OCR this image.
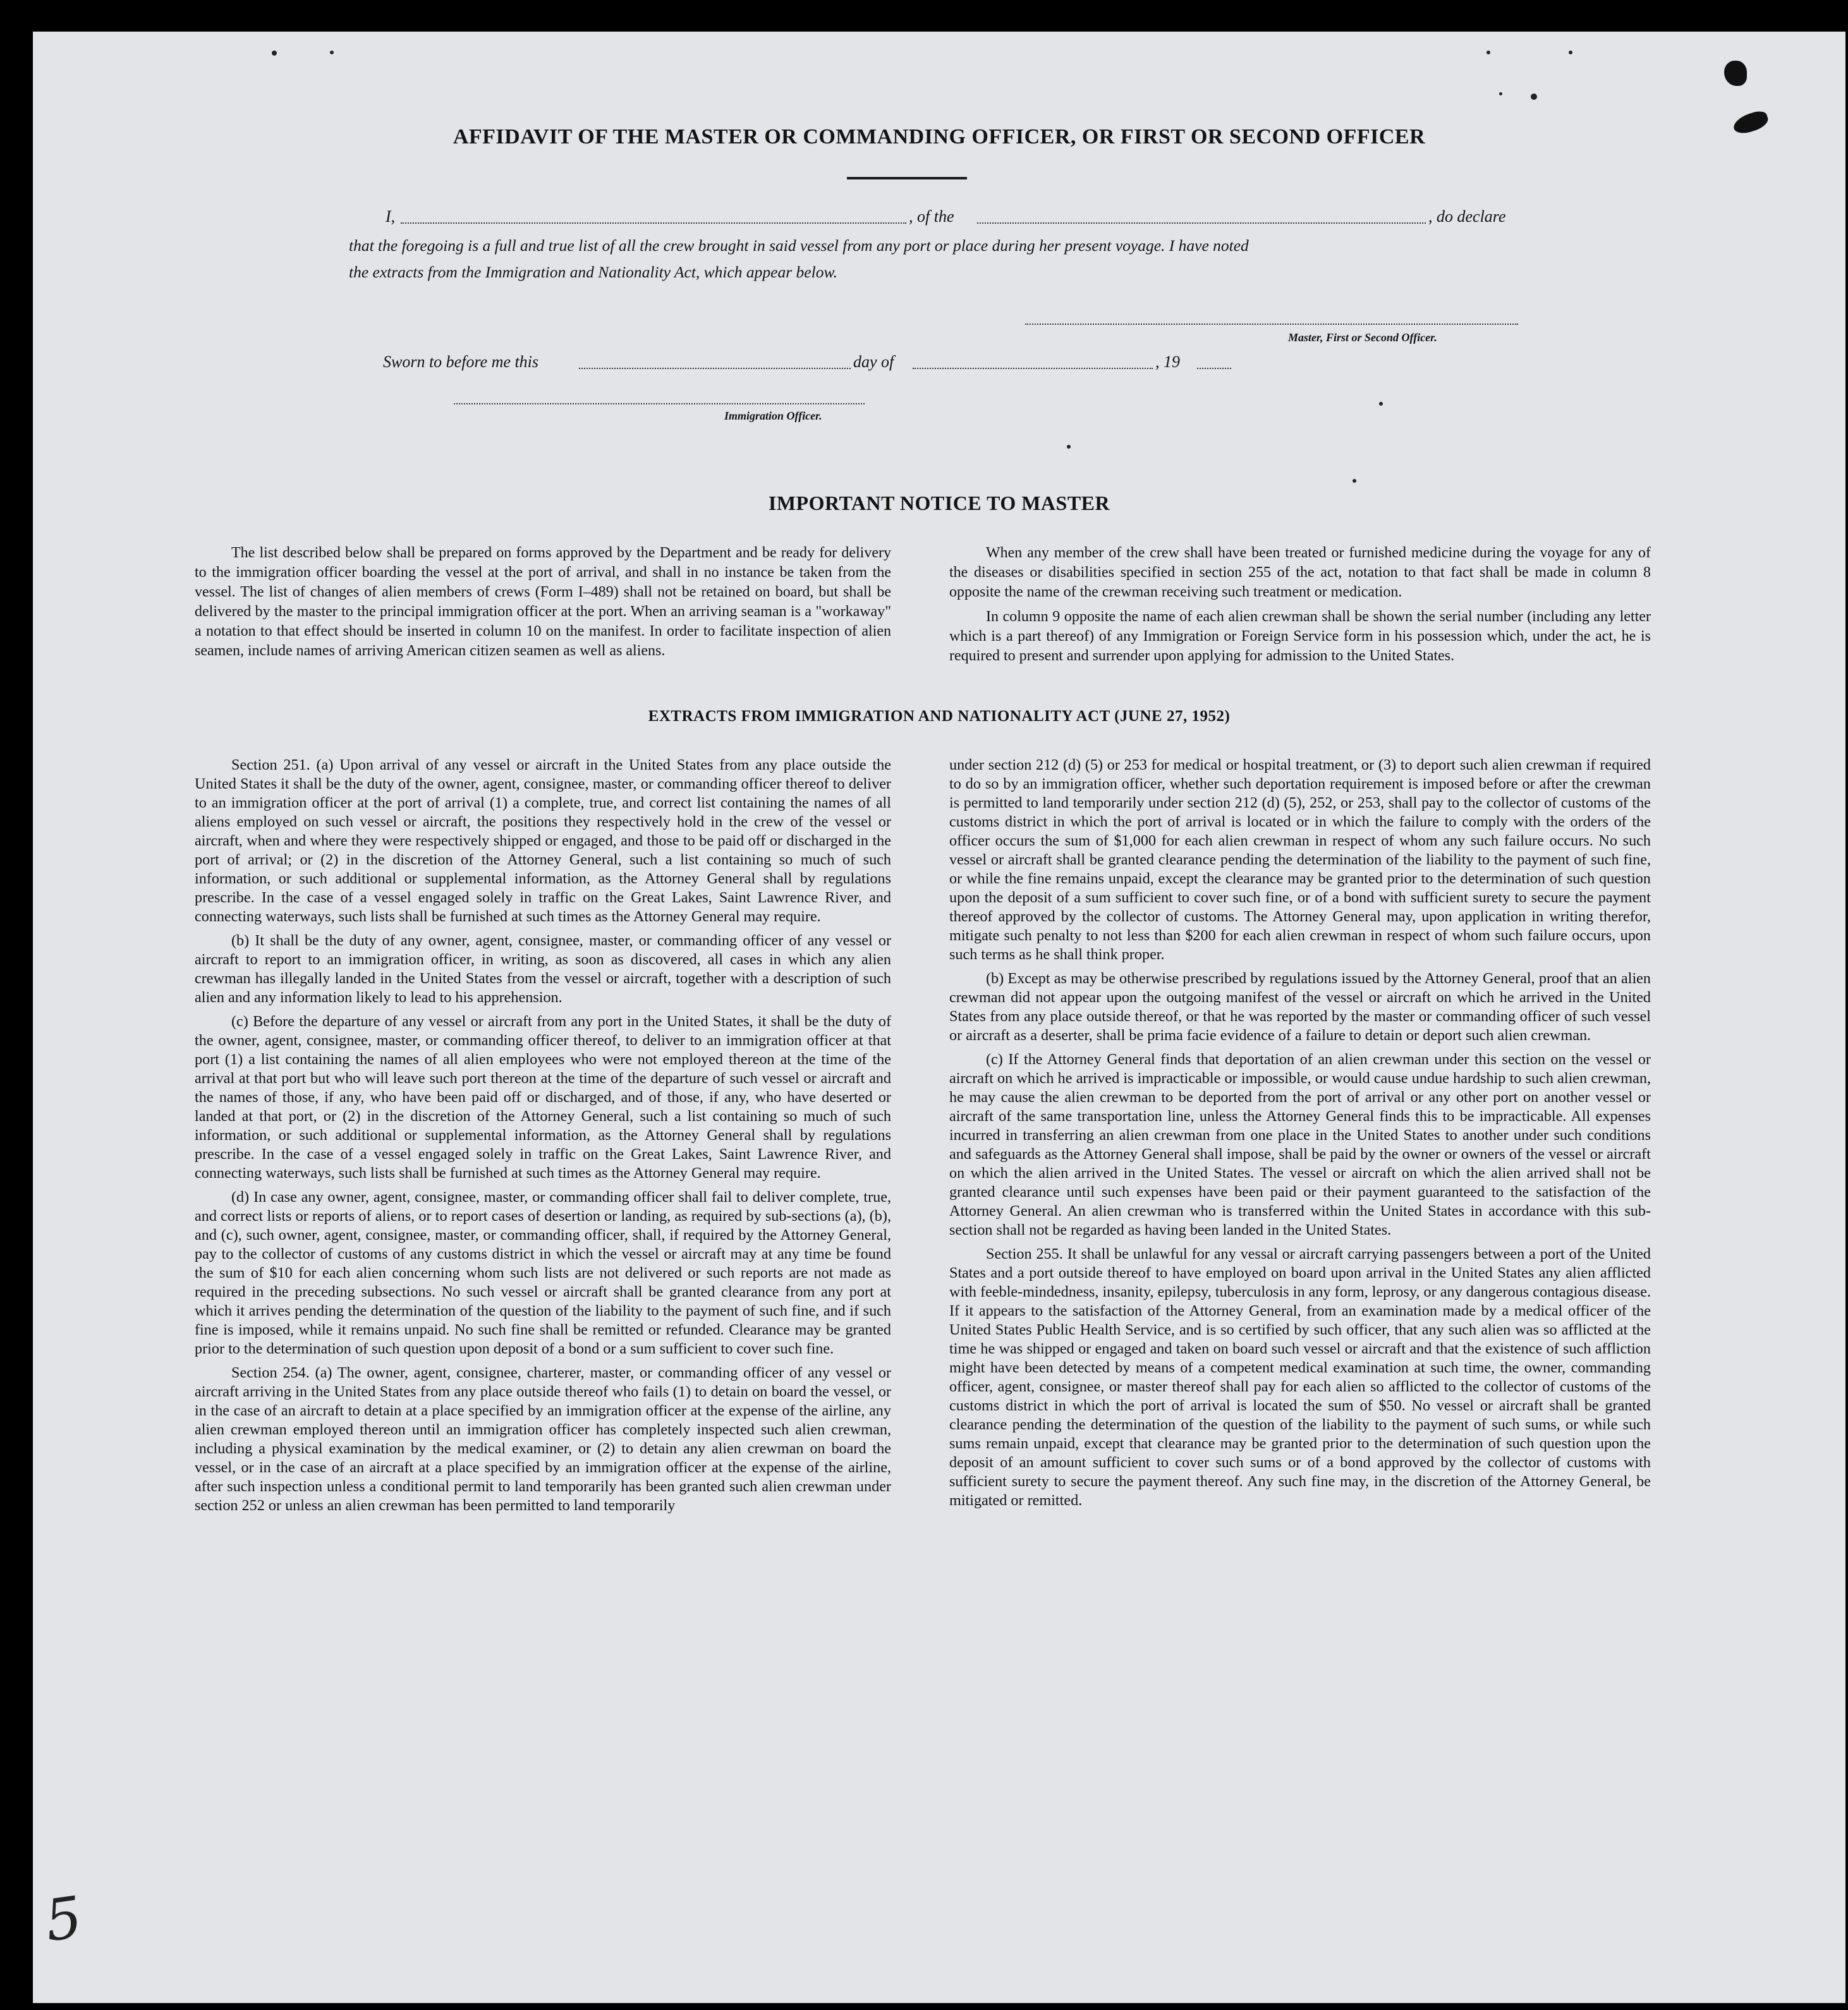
AFFIDAVIT OF THE MASTER OR COMMANDING OFFICER, OR FIRST OR SECOND OFFICER
I,	, of the	, do declare
that the foregoing is a full and true list of all the crew brought in said vessel from any port or place during her present voyage. I have noted
the extracts from the Immigration and Nationality Act, which appear below.
Master, First or Second Officer.
Sworn to before me this	day of	, 19
Immigration Officer.
IMPORTANT NOTICE TO MASTER

The list described below shall be prepared on forms approved by the Department and be ready for delivery to the immigration officer boarding the vessel at the port of arrival, and shall in no instance be taken from the vessel. The list of changes of alien members of crews (Form I–489) shall not be retained on board, but shall be delivered by the master to the principal immigration officer at the port. When an arriving seaman is a "workaway" a notation to that effect should be inserted in column 10 on the manifest. In order to facilitate inspection of alien seamen, include names of arriving American citizen seamen as well as aliens.

When any member of the crew shall have been treated or furnished medicine during the voyage for any of the diseases or disabilities specified in section 255 of the act, notation to that fact shall be made in column 8 opposite the name of the crewman receiving such treatment or medication.

In column 9 opposite the name of each alien crewman shall be shown the serial number (including any letter which is a part thereof) of any Immigration or Foreign Service form in his possession which, under the act, he is required to present and surrender upon applying for admission to the United States.

EXTRACTS FROM IMMIGRATION AND NATIONALITY ACT (JUNE 27, 1952)

Section 251. (a) Upon arrival of any vessel or aircraft in the United States from any place outside the United States it shall be the duty of the owner, agent, consignee, master, or commanding officer thereof to deliver to an immigration officer at the port of arrival (1) a complete, true, and correct list containing the names of all aliens employed on such vessel or aircraft, the positions they respectively hold in the crew of the vessel or aircraft, when and where they were respectively shipped or engaged, and those to be paid off or discharged in the port of arrival; or (2) in the discretion of the Attorney General, such a list containing so much of such information, or such additional or supplemental information, as the Attorney General shall by regulations prescribe. In the case of a vessel engaged solely in traffic on the Great Lakes, Saint Lawrence River, and connecting waterways, such lists shall be furnished at such times as the Attorney General may require.

(b) It shall be the duty of any owner, agent, consignee, master, or commanding officer of any vessel or aircraft to report to an immigration officer, in writing, as soon as discovered, all cases in which any alien crewman has illegally landed in the United States from the vessel or aircraft, together with a description of such alien and any information likely to lead to his apprehension.

(c) Before the departure of any vessel or aircraft from any port in the United States, it shall be the duty of the owner, agent, consignee, master, or commanding officer thereof, to deliver to an immigration officer at that port (1) a list containing the names of all alien employees who were not employed thereon at the time of the arrival at that port but who will leave such port thereon at the time of the departure of such vessel or aircraft and the names of those, if any, who have been paid off or discharged, and of those, if any, who have deserted or landed at that port, or (2) in the discretion of the Attorney General, such a list containing so much of such information, or such additional or supplemental information, as the Attorney General shall by regulations prescribe. In the case of a vessel engaged solely in traffic on the Great Lakes, Saint Lawrence River, and connecting waterways, such lists shall be furnished at such times as the Attorney General may require.

(d) In case any owner, agent, consignee, master, or commanding officer shall fail to deliver complete, true, and correct lists or reports of aliens, or to report cases of desertion or landing, as required by sub-sections (a), (b), and (c), such owner, agent, consignee, master, or commanding officer, shall, if required by the Attorney General, pay to the collector of customs of any customs district in which the vessel or aircraft may at any time be found the sum of $10 for each alien concerning whom such lists are not delivered or such reports are not made as required in the preceding subsections. No such vessel or aircraft shall be granted clearance from any port at which it arrives pending the determination of the question of the liability to the payment of such fine, and if such fine is imposed, while it remains unpaid. No such fine shall be remitted or refunded. Clearance may be granted prior to the determination of such question upon deposit of a bond or a sum sufficient to cover such fine.

Section 254. (a) The owner, agent, consignee, charterer, master, or commanding officer of any vessel or aircraft arriving in the United States from any place outside thereof who fails (1) to detain on board the vessel, or in the case of an aircraft to detain at a place specified by an immigration officer at the expense of the airline, any alien crewman employed thereon until an immigration officer has completely inspected such alien crewman, including a physical examination by the medical examiner, or (2) to detain any alien crewman on board the vessel, or in the case of an aircraft at a place specified by an immigration officer at the expense of the airline, after such inspection unless a conditional permit to land temporarily has been granted such alien crewman under section 252 or unless an alien crewman has been permitted to land temporarily

under section 212 (d) (5) or 253 for medical or hospital treatment, or (3) to deport such alien crewman if required to do so by an immigration officer, whether such deportation requirement is imposed before or after the crewman is permitted to land temporarily under section 212 (d) (5), 252, or 253, shall pay to the collector of customs of the customs district in which the port of arrival is located or in which the failure to comply with the orders of the officer occurs the sum of $1,000 for each alien crewman in respect of whom any such failure occurs. No such vessel or aircraft shall be granted clearance pending the determination of the liability to the payment of such fine, or while the fine remains unpaid, except the clearance may be granted prior to the determination of such question upon the deposit of a sum sufficient to cover such fine, or of a bond with sufficient surety to secure the payment thereof approved by the collector of customs. The Attorney General may, upon application in writing therefor, mitigate such penalty to not less than $200 for each alien crewman in respect of whom such failure occurs, upon such terms as he shall think proper.

(b) Except as may be otherwise prescribed by regulations issued by the Attorney General, proof that an alien crewman did not appear upon the outgoing manifest of the vessel or aircraft on which he arrived in the United States from any place outside thereof, or that he was reported by the master or commanding officer of such vessel or aircraft as a deserter, shall be prima facie evidence of a failure to detain or deport such alien crewman.

(c) If the Attorney General finds that deportation of an alien crewman under this section on the vessel or aircraft on which he arrived is impracticable or impossible, or would cause undue hardship to such alien crewman, he may cause the alien crewman to be deported from the port of arrival or any other port on another vessel or aircraft of the same transportation line, unless the Attorney General finds this to be impracticable. All expenses incurred in transferring an alien crewman from one place in the United States to another under such conditions and safeguards as the Attorney General shall impose, shall be paid by the owner or owners of the vessel or aircraft on which the alien arrived in the United States. The vessel or aircraft on which the alien arrived shall not be granted clearance until such expenses have been paid or their payment guaranteed to the satisfaction of the Attorney General. An alien crewman who is transferred within the United States in accordance with this sub-section shall not be regarded as having been landed in the United States.

Section 255. It shall be unlawful for any vessal or aircraft carrying passengers between a port of the United States and a port outside thereof to have employed on board upon arrival in the United States any alien afflicted with feeble-mindedness, insanity, epilepsy, tuberculosis in any form, leprosy, or any dangerous contagious disease. If it appears to the satisfaction of the Attorney General, from an examination made by a medical officer of the United States Public Health Service, and is so certified by such officer, that any such alien was so afflicted at the time he was shipped or engaged and taken on board such vessel or aircraft and that the existence of such affliction might have been detected by means of a competent medical examination at such time, the owner, commanding officer, agent, consignee, or master thereof shall pay for each alien so afflicted to the collector of customs of the customs district in which the port of arrival is located the sum of $50. No vessel or aircraft shall be granted clearance pending the determination of the question of the liability to the payment of such sums, or while such sums remain unpaid, except that clearance may be granted prior to the determination of such question upon the deposit of an amount sufficient to cover such sums or of a bond approved by the collector of customs with sufficient surety to secure the payment thereof. Any such fine may, in the discretion of the Attorney General, be mitigated or remitted.

5
